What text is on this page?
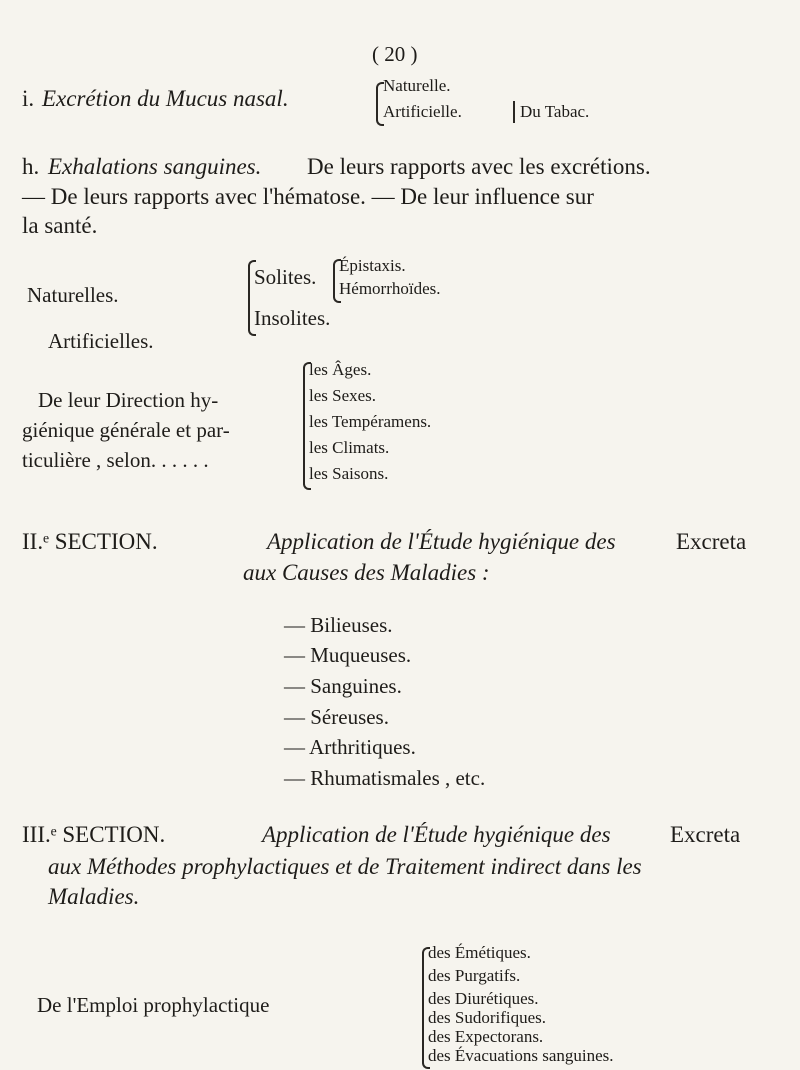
( 20 )
i. Excrétion du Mucus nasal.
Naturelle.
Artificielle.	Du Tabac.
h. Exhalations sanguines. De leurs rapports avec les excrétions.
— De leurs rapports avec l'hématose. — De leur influence sur
la santé.
Naturelles.
Solites. Épistaxis.
Hémorrhoïdes.
Insolites.
Artificielles.
De leur Direction hy-
giénique générale et par-
ticulière , selon. . . . . .
les Âges.
les Sexes.
les Tempéramens.
les Climats.
les Saisons.
II.ᵉ SECTION.	Application de l'Étude hygiénique des	Excreta
aux Causes des Maladies :
— Bilieuses.
— Muqueuses.
— Sanguines.
— Séreuses.
— Arthritiques.
— Rhumatismales , etc.
III.ᵉ SECTION.	Application de l'Étude hygiénique des	Excreta
aux Méthodes prophylactiques et de Traitement indirect dans les
Maladies.
De l'Emploi prophylactique
des Émétiques.
des Purgatifs.
des Diurétiques.
des Sudorifiques.
des Expectorans.
des Évacuations sanguines.
